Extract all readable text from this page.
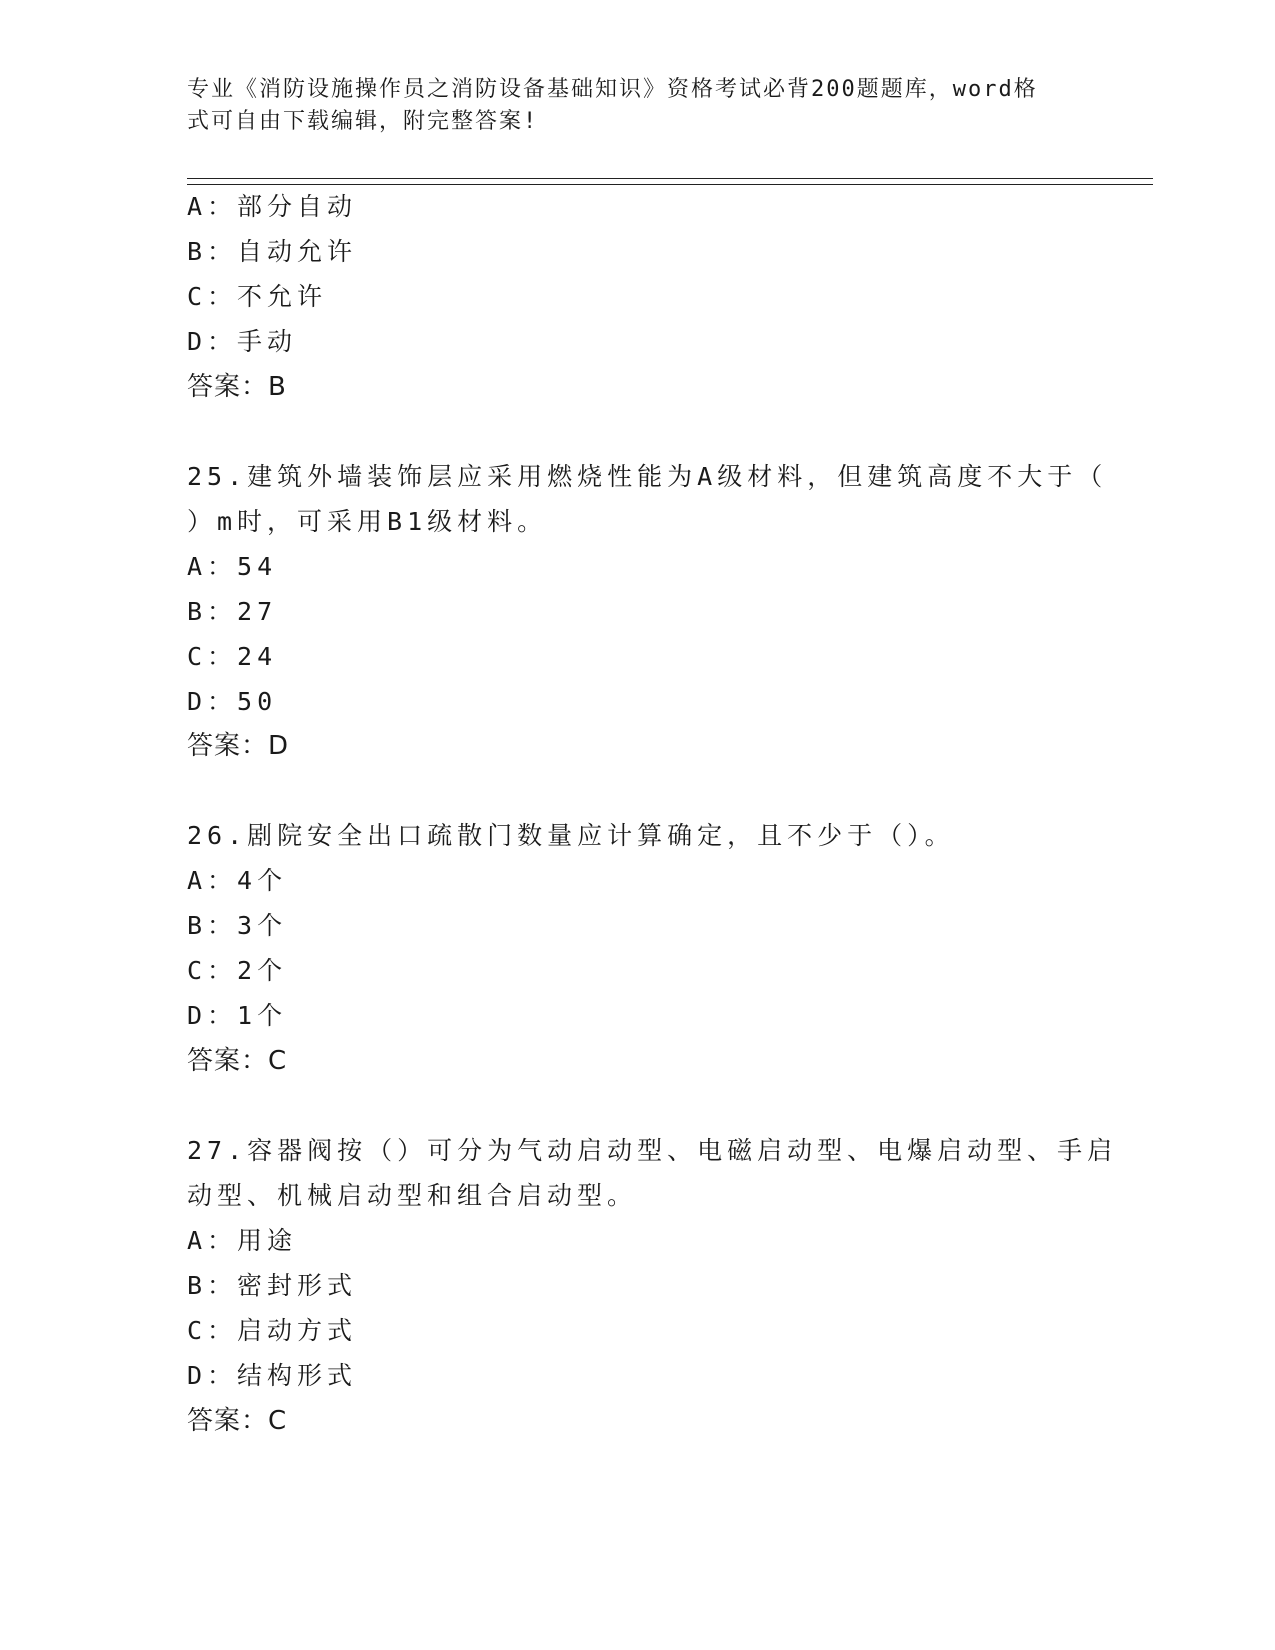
专业《消防设施操作员之消防设备基础知识》资格考试必背200题题库，word格
式可自由下载编辑，附完整答案!

A：部分自动

B：自动允许

C：不允许

D：手动

答案：B

25.建筑外墙装饰层应采用燃烧性能为A级材料，但建筑高度不大于（

）m时，可采用B1级材料。

A：54

B：27

C：24

D：50

答案：D

26.剧院安全出口疏散门数量应计算确定，且不少于（）。

A：4个

B：3个

C：2个

D：1个

答案：C

27.容器阀按（）可分为气动启动型、电磁启动型、电爆启动型、手启

动型、机械启动型和组合启动型。

A：用途

B：密封形式

C：启动方式

D：结构形式

答案：C
